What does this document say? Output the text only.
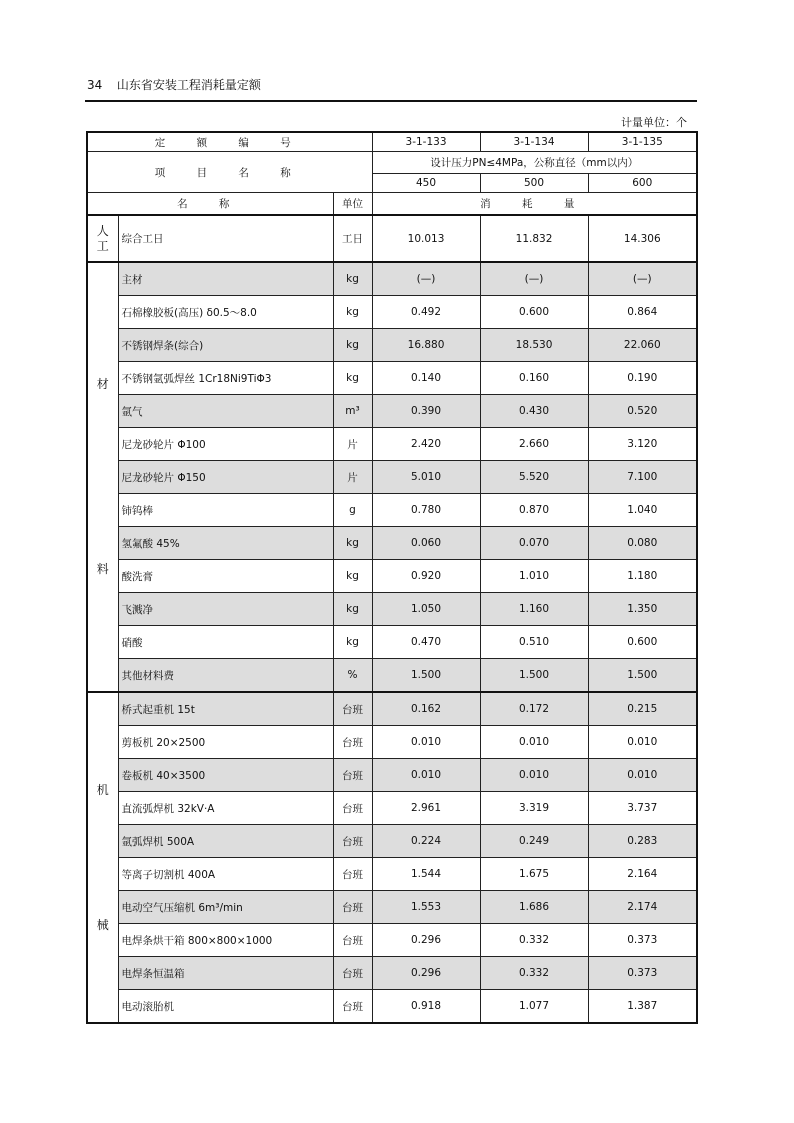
34 山东省安装工程消耗量定额
计量单位：个
定 额 编 号			3-1-133	3-1-134	3-1-135
项 目 名 称			设计压力PN≤4MPa，公称直径（mm以内）		
			450	500	600
名 称		单位	消 耗 量		

人
工	综合工日	工日	10.013	11.832	14.306

材
料	主材	kg	(—)	(—)	(—)
	石棉橡胶板(高压) δ0.5～8.0	kg	0.492	0.600	0.864
	不锈钢焊条(综合)	kg	16.880	18.530	22.060
	不锈钢氩弧焊丝 1Cr18Ni9TiΦ3	kg	0.140	0.160	0.190
	氩气	m³	0.390	0.430	0.520
	尼龙砂轮片 Φ100	片	2.420	2.660	3.120
	尼龙砂轮片 Φ150	片	5.010	5.520	7.100
	铈钨棒	g	0.780	0.870	1.040
	氢氟酸 45%	kg	0.060	0.070	0.080
	酸洗膏	kg	0.920	1.010	1.180
	飞溅净	kg	1.050	1.160	1.350
	硝酸	kg	0.470	0.510	0.600
	其他材料费	%	1.500	1.500	1.500

机
械	桥式起重机 15t	台班	0.162	0.172	0.215
	剪板机 20×2500	台班	0.010	0.010	0.010
	卷板机 40×3500	台班	0.010	0.010	0.010
	直流弧焊机 32kV·A	台班	2.961	3.319	3.737
	氩弧焊机 500A	台班	0.224	0.249	0.283
	等离子切割机 400A	台班	1.544	1.675	2.164
	电动空气压缩机 6m³/min	台班	1.553	1.686	2.174
	电焊条烘干箱 800×800×1000	台班	0.296	0.332	0.373
	电焊条恒温箱	台班	0.296	0.332	0.373
	电动滚胎机	台班	0.918	1.077	1.387
